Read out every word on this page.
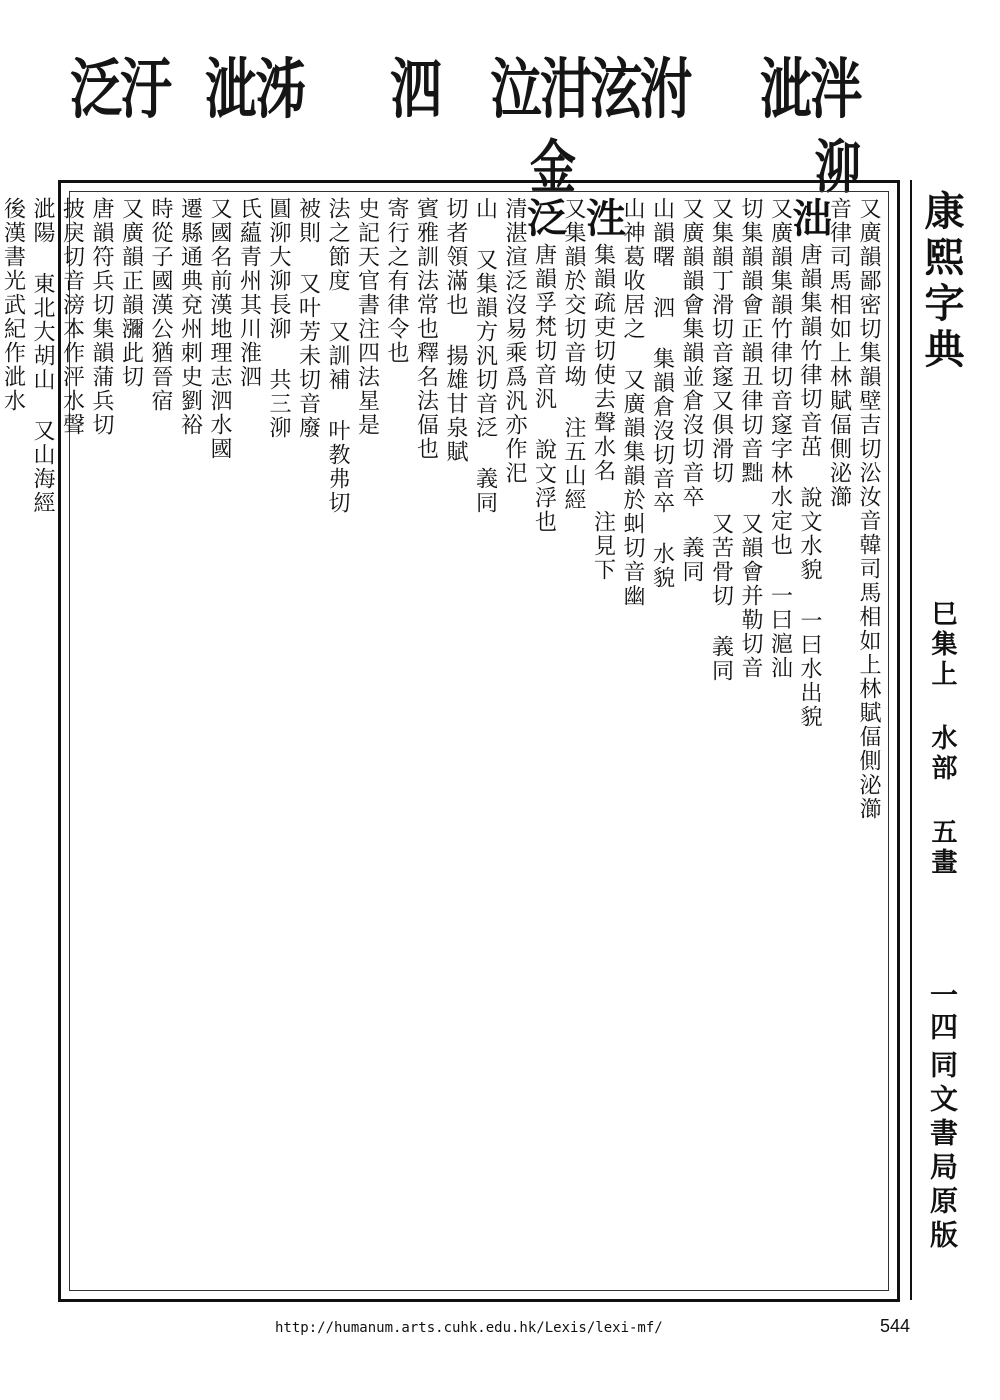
泚泮
泣泔泫泭
泗
泚泲
泛汙
金	泖
又廣韻鄙密切集韻壁吉切㳂汝音韓司馬相如上林賦偪側泌瀄
音律司馬相如上林賦偪側泌瀄
泏唐韻集韻竹律切音茁 說文水貌 一曰水出貌
又廣韻集韻竹律切音䆳字林水定也 一曰滬汕
切集韻韻會正韻丑律切音黜 又韻會并勒切音
又集韻丁滑切音䆳又俱滑切 又苦骨切 義同
又廣韻韻會集韻並倉沒切音卒 義同
山韻曙 泗 集韻倉沒切音卒 水貌
山神葛收居之 又廣韻集韻於虯切音幽
泩集韻疏吏切使去聲水名 注見下
又集韻於交切音坳 注五山經
泛唐韻孚梵切音汎 說文浮也
清湛渲泛沒易乘爲汎亦作汜
山 又集韻方汎切音泛 義同
切者領滿也 揚雄甘泉賦
賓雅訓法常也釋名法偪也
寄行之有律令也
史記天官書注四法星是
法之節度 又訓補 叶教弗切
被則 又叶芳未切音廢
圓泖大泖長泖 共三泖
氏藴青州其川淮泗
又國名前漢地理志泗水國
遷縣通典兗州刺史劉裕
時從子國漢公猶晉宿
又廣韻正韻瀰此切
唐韻符兵切集韻蒲兵切
披戾切音滂本作泙水聲
泚陽 東北大胡山 又山海經
後漢書光武紀作泚水	康熙字典
巳集上 水部 五畫
一四
同文書局原版
http://humanum.arts.cuhk.edu.hk/Lexis/lexi-mf/	544
